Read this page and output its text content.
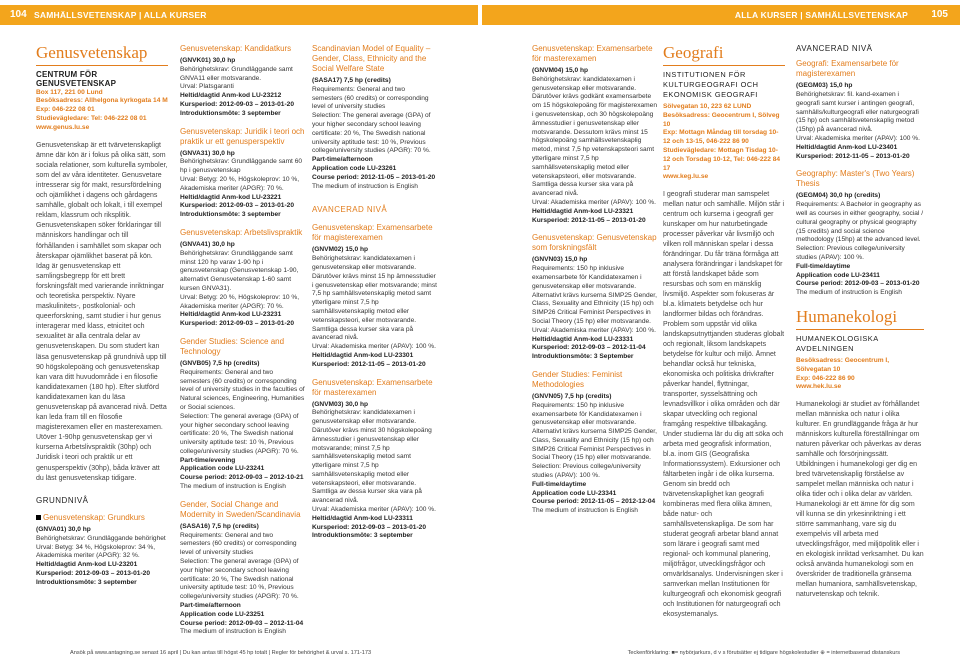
104 SAMHÄLLSVETENSKAP | ALLA KURSER	ALLA KURSER | SAMHÄLLSVETENSKAP 105
Genusvetenskap
CENTRUM FÖR GENUSVETENSKAP
Box 117, 221 00 Lund
Besöksadress: Allhelgona kyrkogata 14 M
Exp: 046-222 08 01
Studievägledare: Tel: 046-222 08 01
www.genus.lu.se
Genusvetenskap är ett tvärvetenskapligt ämne där kön är i fokus på olika sätt, som sociala relationer, som kulturella symboler, som del av våra identiteter. Genusvetare intresserar sig för makt, resursfördelning och ojämlikhet i dagens och gårdagens samhälle, globalt och lokalt, i till exempel reklam, klassrum och riksplitik. Genusvetenskapen söker förklaringar till människors handlingar och till förhållanden i samhället som skapar och återskapar ojämlikhet baserat på kön. Idag är genusvetenskap ett samlingsbegrepp för ett brett forskningsfält med varierande inriktningar och teoretiska perspektiv. Nyare maskulinitets-, postkolonial- och queerforskning, samt studier i hur genus interagerar med klass, etnicitet och sexualitet är alla centrala delar av genusvetenskapen. Du som studert kan läsa genusvetenskap på grundnivå upp till 90 högskolepoäng och genusvetenskap kan vara ditt huvudområde i en filosofie kandidatexamen (180 hp). Efter slutförd kandidatexamen kan du läsa genusvetenskap på avancerad nivå. Detta kan leda fram till en filosofie magisterexamen eller en masterexamen. Utöver 1-90hp genusvetenskap ger vi kurserna Arbetslivspraktik (30hp) och Juridisk i teori och praktik ur ett genusperspektiv (30hp), båda kräver att du läst genusvetenskap tidigare.
GRUNDNIVÅ
Genusvetenskap: Grundkurs
(GNVA01) 30,0 hp
Behörighetskrav: Grundläggande behörighet
Urval: Betyg: 34 %, Högskoleprov: 34 %, Akademiska meriter (APGR): 32 %.
Heltid/dagtid Anm-kod LU-23201
Kursperiod: 2012-09-03 – 2013-01-20
Introduktionsmöte: 3 september
Genusvetenskap: Kandidatkurs
(GNVK01) 30,0 hp
Behörighetskrav: Grundläggande samt GNVA11 eller motsvarande.
Urval: Platsgaranti
Heltid/dagtid Anm-kod LU-23212
Kursperiod: 2012-09-03 – 2013-01-20
Introduktionsmöte: 3 september
Genusvetenskap: Juridik i teori och praktik ur ett genusperspektiv
(GNVA31) 30,0 hp
Behörighetskrav: Grundläggande samt 60 hp i genusvetenskap
Urval: Betyg: 20 %, Högskoleprov: 10 %, Akademiska meriter (APGR): 70 %.
Heltid/dagtid Anm-kod LU-23221
Kursperiod: 2012-09-03 – 2013-01-20
Introduktionsmöte: 3 september
Genusvetenskap: Arbetslivspraktik
(GNVA41) 30,0 hp
Behörighetskrav: Grundläggande samt minst 120 hp varav 1-90 hp i genusvetenskap (Genusvetenskap 1-90, alternativt Genusvetenskap 1-60 samt kursen GNVA31).
Urval: Betyg: 20 %, Högskoleprov: 10 %, Akademiska meriter (APGR): 70 %.
Heltid/dagtid Anm-kod LU-23231
Kursperiod: 2012-09-03 – 2013-01-20
Gender Studies: Science and Technology
(GNVB05) 7,5 hp (credits)
Requirements: General and two semesters (60 credits) or corresponding level of university studies in the faculties of Natural sciences, Engineering, Humanities or Social sciences.
Selection: The general average (GPA) of your higher secondary school leaving certificate: 20 %, The Swedish national university aptitude test: 10 %, Previous college/university studies (APGR): 70 %.
Part-time/evening
Application code LU-23241
Course period: 2012-09-03 – 2012-10-21
The medium of instruction is English
Gender, Social Change and Modernity in Sweden/Scandinavia
(SASA16) 7,5 hp (credits)
Requirements: General and two semesters (60 credits) or corresponding level of university studies
Selection: The general average (GPA) of your higher secondary school leaving certificate: 20 %, The Swedish national university aptitude test: 10 %, Previous college/university studies (APGR): 70 %.
Part-time/afternoon
Application code LU-23251
Course period: 2012-09-03 – 2012-11-04
The medium of instruction is English
Scandinavian Model of Equality – Gender, Class, Ethnicity and the Social Welfare State
(SASA17) 7,5 hp (credits)
Requirements: General and two semesters (60 credits) or corresponding level of university studies
Selection: The general average (GPA) of your higher secondary school leaving certificate: 20 %, The Swedish national university aptitude test: 10 %, Previous college/university studies (APGR): 70 %.
Part-time/afternoon
Application code LU-23261
Course period: 2012-11-05 – 2013-01-20
The medium of instruction is English
AVANCERAD NIVÅ
Genusvetenskap: Examensarbete för magisterexamen
(GNVM02) 15,0 hp
Behörighetskrav: kandidatexamen i genusvetenskap eller motsvarande. Därutöver krävs minst 15 hp ämnesstudier i genusvetenskap eller motsvarande; minst 7,5 hp samhällsvetenskaplig metod samt ytterligare minst 7,5 hp samhällsvetenskaplig metod eller vetenskapsteori, eller motsvarande. Samtliga dessa kurser ska vara på avancerad nivå.
Urval: Akademiska meriter (APAV): 100 %.
Heltid/dagtid Anm-kod LU-23301
Kursperiod: 2012-11-05 – 2013-01-20
Genusvetenskap: Examensarbete för masterexamen
(GNVM03) 30,0 hp
Behörighetskrav: kandidatexamen i genusvetenskap eller motsvarande. Därutöver krävs minst 30 högskolepoäng ämnesstudier i genusvetenskap eller motsvarande; minst 7,5 hp samhällsvetenskaplig metod samt ytterligare minst 7,5 hp samhällsvetenskaplig metod eller vetenskapsteori, eller motsvarande. Samtliga av dessa kurser ska vara på avancerad nivå.
Urval: Akademiska meriter (APAV): 100 %.
Heltid/dagtid Anm-kod LU-23311
Kursperiod: 2012-09-03 – 2013-01-20
Introduktionsmöte: 3 september
Genusvetenskap: Examensarbete för masterexamen
(GNVM04) 15,0 hp
Behörighetskrav: kandidatexamen i genusvetenskap eller motsvarande. Därutöver krävs godkänt examensarbete om 15 högskolepoäng för magisterexamen i genusvetenskap, och 30 högskolepoäng ämnesstudier i genusvetenskap eller motsvarande. Dessutom krävs minst 15 högskolepoäng samhällsvetenskaplig metod, minst 7,5 hp vetenskapsteori samt ytterligare minst 7,5 hp samhällsvetenskaplig metod eller vetenskapsteori, eller motsvarande. Samtliga dessa kurser ska vara på avancerad nivå.
Urval: Akademiska meriter (APAV): 100 %.
Heltid/dagtid Anm-kod LU-23321
Kursperiod: 2012-11-05 – 2013-01-20
Genusvetenskap: Genusvetenskap som forskningsfält
(GNVN03) 15,0 hp
Requirements: 150 hp inklusive examensarbete för Kandidatexamen i genusvetenskap eller motsvarande. Alternativt krävs kurserna SIMP25 Gender, Class, Sexuality and Ethnicity (15 hp) och SIMP26 Critical Feminist Perspectives in Social Theory (15 hp) eller motsvarande.
Urval: Akademiska meriter (APAV): 100 %.
Heltid/dagtid Anm-kod LU-23331
Kursperiod: 2012-09-03 – 2012-11-04
Introduktionsmöte: 3 September
Gender Studies: Feminist Methodologies
(GNVN05) 7,5 hp (credits)
Requirements: 150 hp inklusive examensarbete för Kandidatexamen i genusvetenskap eller motsvarande. Alternativt krävs kurserna SIMP25 Gender, Class, Sexuality and Ethnicity (15 hp) och SIMP26 Critical Feminist Perspectives in Social Theory (15 hp) eller motsvarande.
Selection: Previous college/university studies (APAV): 100 %.
Full-time/daytime
Application code LU-23341
Course period: 2012-11-05 – 2012-12-04
The medium of instruction is English
Geografi
INSTITUTIONEN FÖR KULTURGEOGRAFI OCH EKONOMISK GEOGRAFI
Sölvegatan 10, 223 62 LUND
Besöksadress: Geocentrum I, Sölveg 10
Exp: Mottagn Måndag till torsdag 10-12 och 13-15, 046-222 86 90
Studievägledare: Mottagn Tisdag 10-12 och Torsdag 10-12, Tel: 046-222 84 17
www.keg.lu.se
I geografi studerar man samspelet mellan natur och samhälle. Miljön står i centrum och kurserna i geografi ger kunskaper om hur naturbetingade processer påverkar vår livsmiljö och vilken roll människan spelar i dessa förändringar. Du får träna förmåga att analysera förändringar i landskapet för att förstå landskapet både som resursbas och som en mänsklig livsmiljö. Aspekter som fokuseras är bl.a. klimatets betydelse och hur landformer bildas och förändras. Problem som uppstår vid olika landskapsutnyttjanden studeras globalt och regionalt, liksom landskapets betydelse för kultur och miljö. Ämnet behandlar också hur tekniska, ekonomiska och politiska drivkrafter påverkar handel, flyttningar, transporter, sysselsättning och levnadsvillkor i olika områden och där skapar utveckling och regional framgång respektive tillbakagång. Under studierna lär du dig att söka och arbeta med geografisk information, bl.a. inom GIS (Geografiska Informationssystem). Exkursioner och fältarbeten ingår i de olika kurserna. Genom sin bredd och tvärvetenskaplighet kan geografi kombineras med flera olika ämnen, både natur- och samhällsvetenskapliga. De som har studerat geografi arbetar bland annat som lärare i geografi samt med regional- och kommunal planering, miljöfrågor, utvecklingsfrågor och omvärldsanalys. Undervisningen sker i samverkan mellan Institutionen för kulturgeografi och ekonomisk geografi och Institutionen för naturgeografi och ekosystemanalys.
AVANCERAD NIVÅ
Geografi: Examensarbete för magisterexamen
(GEGM03) 15,0 hp
Behörighetskrav: fil. kand-examen i geografi samt kurser i antingen geografi, samhälls/kulturgeografi eller naturgeografi (15 hp) och samhällsvetenskaplig metod (15hp) på avancerad nivå.
Urval: Akademiska meriter (APAV): 100 %.
Heltid/dagtid Anm-kod LU-23401
Kursperiod: 2012-11-05 – 2013-01-20
Geography: Master's (Two Years) Thesis
(GEGM04) 30,0 hp (credits)
Requirements: A Bachelor in geography as well as courses in either geography, social / cultural geography or physical geography (15 credits) and social science methodology (15hp) at the advanced level.
Selection: Previous college/university studies (APAV): 100 %.
Full-time/daytime
Application code LU-23411
Course period: 2012-09-03 – 2013-01-20
The medium of instruction is English
Humanekologi
HUMANEKOLOGISKA AVDELNINGEN
Besöksadress: Geocentrum I, Sölvegatan 10
Exp: 046-222 86 90
www.hek.lu.se
Humanekologi är studiet av förhållandet mellan människa och natur i olika kulturer. En grundläggande fråga är hur människors kulturella föreställningar om naturen påverkar och påverkas av deras samhälle och försörjningssätt. Utbildningen i humanekologi ger dig en bred tvärvetenskaplig förståelse av sampelet mellan människa och natur i olika tider och i olika delar av världen. Humanekologi är ett ämne för dig som vill kunna se din yrkesinriktning i ett större sammanhang, vare sig du exempelvis vill arbeta med utvecklingsfrågor, med miljöpolitik eller i en ekologisk inriktad verksamhet. Du kan också använda humanekologi som en överskrider de traditionella gränserna mellan humaniora, samhällsvetenskap, naturvetenskap och teknik.
Ansök på www.antagning.se senast 16 april | Du kan antas till högst 45 hp totalt | Regler för behörighet & urval s. 171-173	Teckenförklaring: ■= nybörjarkurs, d v s förutsätter ej tidigare högskolestudier ⊕ = internetbaserad distanskurs
